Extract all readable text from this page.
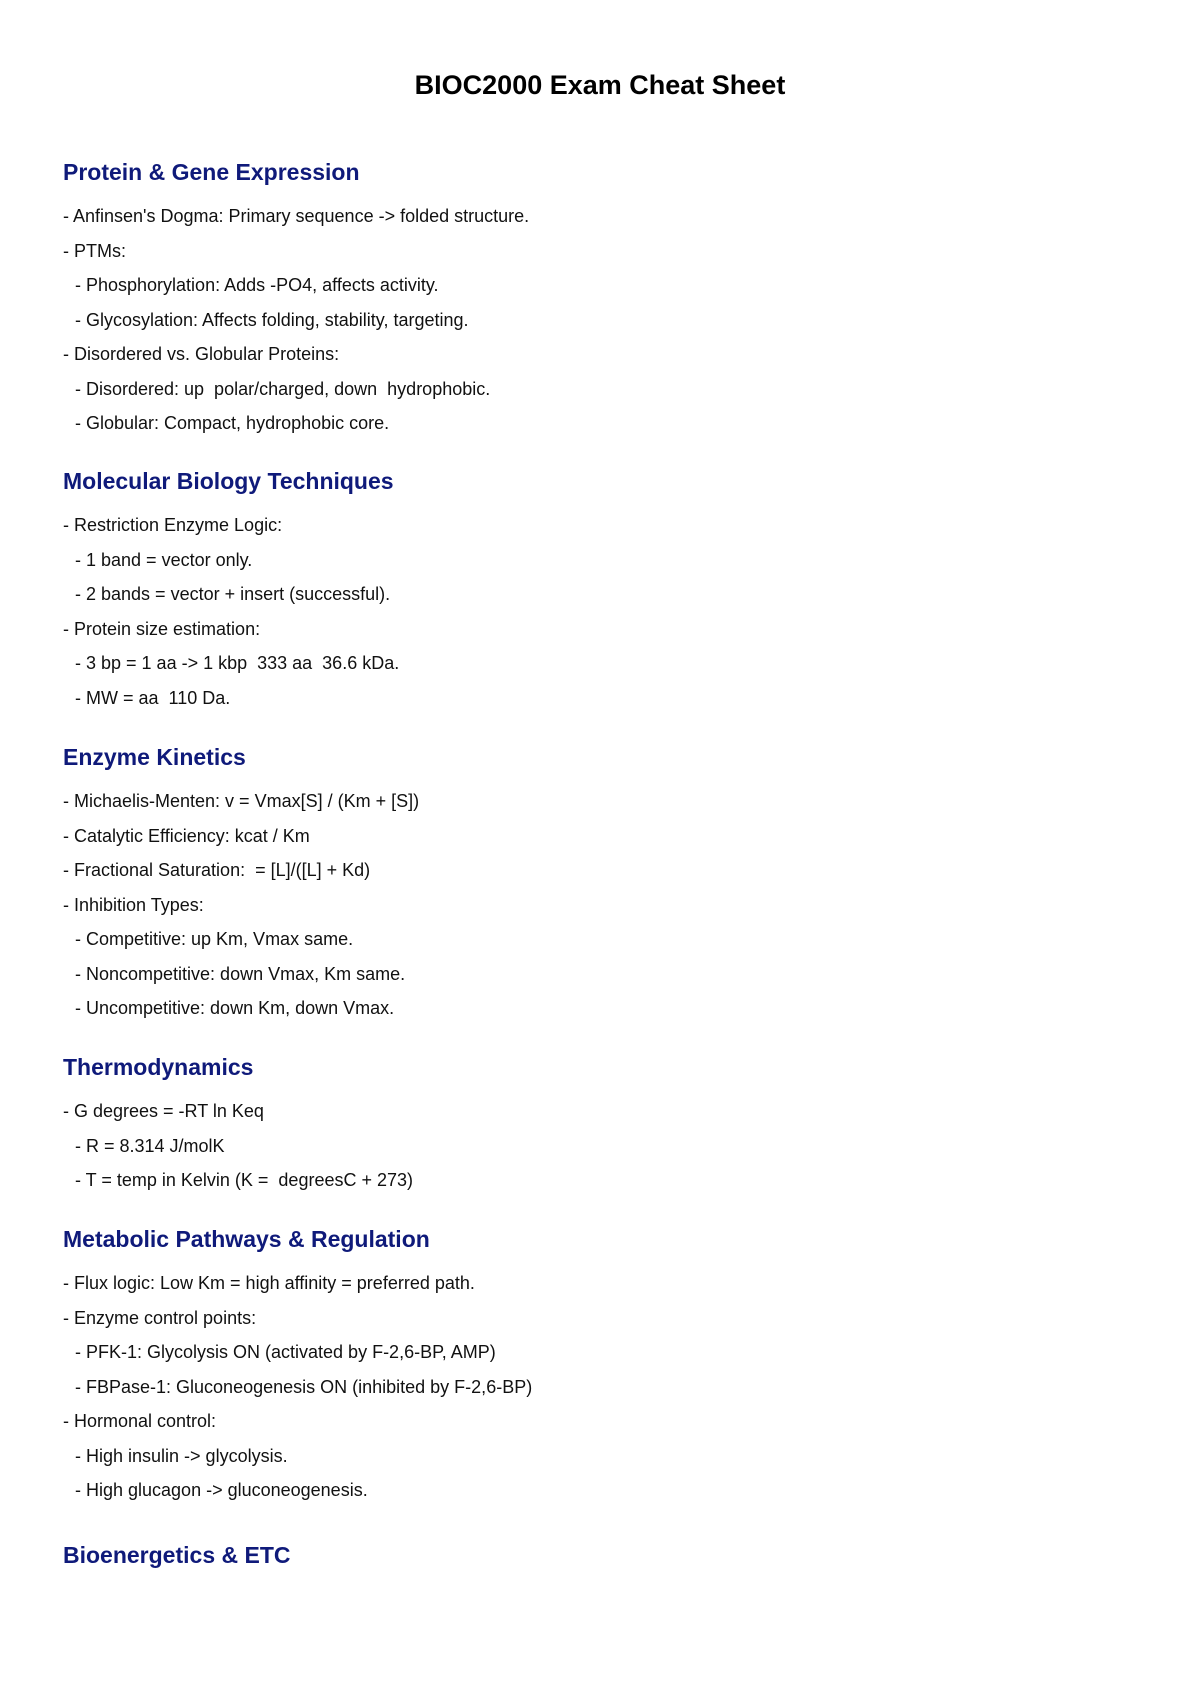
BIOC2000 Exam Cheat Sheet
Protein & Gene Expression
- Anfinsen's Dogma: Primary sequence -> folded structure.
- PTMs:
- Phosphorylation: Adds -PO4, affects activity.
- Glycosylation: Affects folding, stability, targeting.
- Disordered vs. Globular Proteins:
- Disordered: up  polar/charged, down  hydrophobic.
- Globular: Compact, hydrophobic core.
Molecular Biology Techniques
- Restriction Enzyme Logic:
- 1 band = vector only.
- 2 bands = vector + insert (successful).
- Protein size estimation:
- 3 bp = 1 aa -> 1 kbp  333 aa  36.6 kDa.
- MW = aa  110 Da.
Enzyme Kinetics
- Michaelis-Menten: v = Vmax[S] / (Km + [S])
- Catalytic Efficiency: kcat / Km
- Fractional Saturation:  = [L]/([L] + Kd)
- Inhibition Types:
- Competitive: up Km, Vmax same.
- Noncompetitive: down Vmax, Km same.
- Uncompetitive: down Km, down Vmax.
Thermodynamics
- G degrees = -RT ln Keq
- R = 8.314 J/molK
- T = temp in Kelvin (K =  degreesC + 273)
Metabolic Pathways & Regulation
- Flux logic: Low Km = high affinity = preferred path.
- Enzyme control points:
- PFK-1: Glycolysis ON (activated by F-2,6-BP, AMP)
- FBPase-1: Gluconeogenesis ON (inhibited by F-2,6-BP)
- Hormonal control:
- High insulin -> glycolysis.
- High glucagon -> gluconeogenesis.
Bioenergetics & ETC
